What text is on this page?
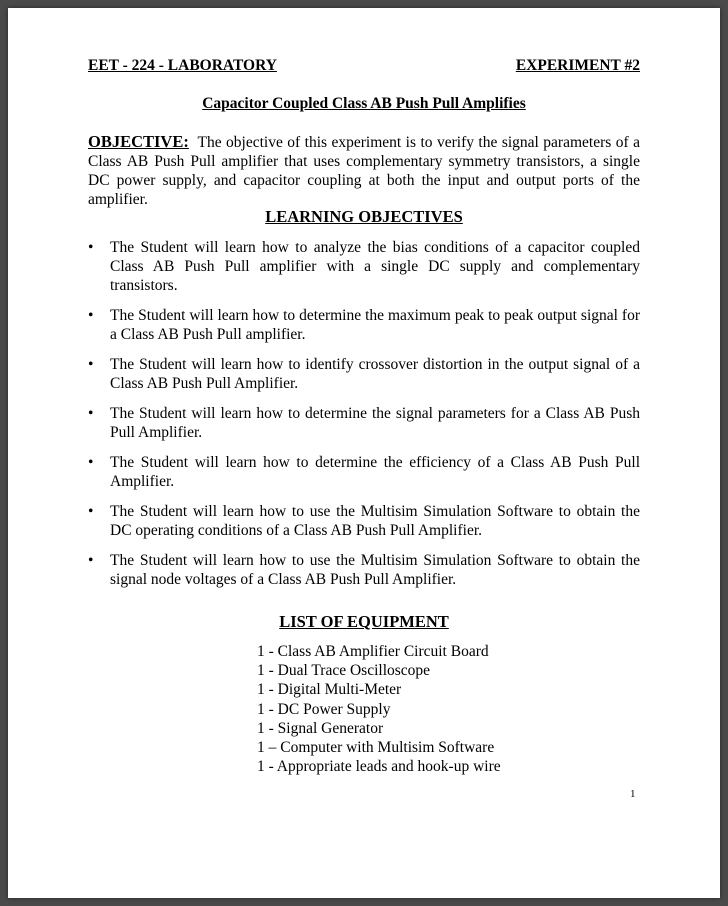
EET - 224 - LABORATORY	EXPERIMENT #2
Capacitor Coupled Class AB Push Pull Amplifies
OBJECTIVE: The objective of this experiment is to verify the signal parameters of a Class AB Push Pull amplifier that uses complementary symmetry transistors, a single DC power supply, and capacitor coupling at both the input and output ports of the amplifier.
LEARNING OBJECTIVES
• The Student will learn how to analyze the bias conditions of a capacitor coupled Class AB Push Pull amplifier with a single DC supply and complementary transistors.
• The Student will learn how to determine the maximum peak to peak output signal for a Class AB Push Pull amplifier.
• The Student will learn how to identify crossover distortion in the output signal of a Class AB Push Pull Amplifier.
• The Student will learn how to determine the signal parameters for a Class AB Push Pull Amplifier.
• The Student will learn how to determine the efficiency of a Class AB Push Pull Amplifier.
• The Student will learn how to use the Multisim Simulation Software to obtain the DC operating conditions of a Class AB Push Pull Amplifier.
• The Student will learn how to use the Multisim Simulation Software to obtain the signal node voltages of a Class AB Push Pull Amplifier.
LIST OF EQUIPMENT
1 - Class AB Amplifier Circuit Board
1 - Dual Trace Oscilloscope
1 - Digital Multi-Meter
1 - DC Power Supply
1 - Signal Generator
1 – Computer with Multisim Software
1 - Appropriate leads and hook-up wire
1
